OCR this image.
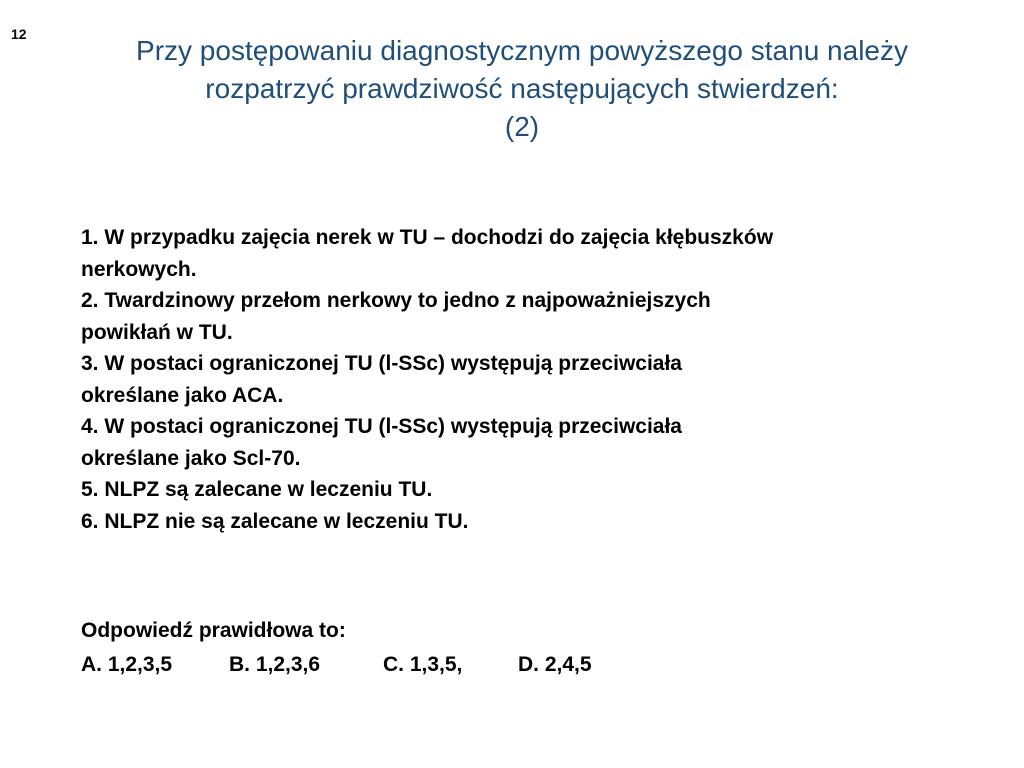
12
Przy postępowaniu diagnostycznym powyższego stanu należy
rozpatrzyć prawdziwość następujących stwierdzeń:
(2)
1. W przypadku zajęcia nerek w TU – dochodzi do zajęcia kłębuszków
nerkowych.
2. Twardzinowy przełom nerkowy to jedno z najpoważniejszych
powikłań w TU.
3. W postaci ograniczonej TU (l-SSc) występują przeciwciała
określane jako ACA.
4. W postaci ograniczonej TU (l-SSc) występują przeciwciała
określane jako Scl-70.
5. NLPZ są zalecane w leczeniu TU.
6. NLPZ nie są zalecane w leczeniu TU.
Odpowiedź prawidłowa to:
A. 1,2,3,5	B. 1,2,3,6	C. 1,3,5,	D. 2,4,5
